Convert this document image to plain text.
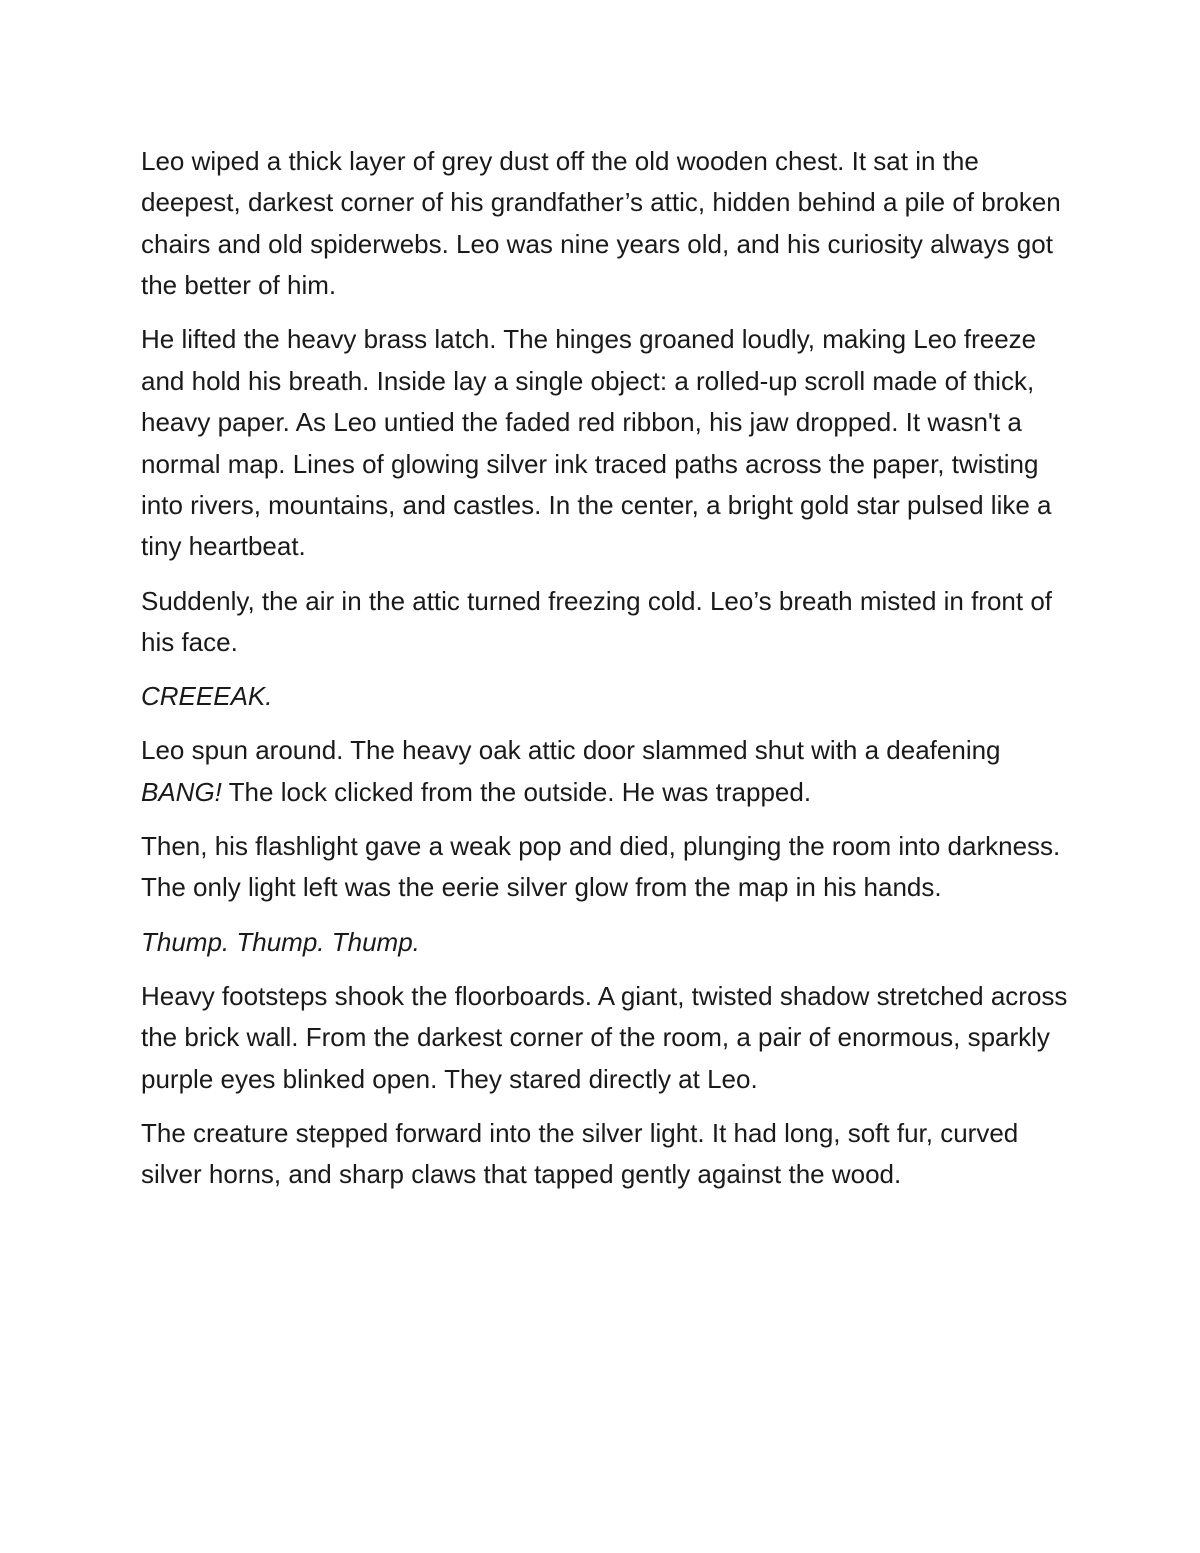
Leo wiped a thick layer of grey dust off the old wooden chest. It sat in the deepest, darkest corner of his grandfather’s attic, hidden behind a pile of broken chairs and old spiderwebs. Leo was nine years old, and his curiosity always got the better of him.

He lifted the heavy brass latch. The hinges groaned loudly, making Leo freeze and hold his breath. Inside lay a single object: a rolled-up scroll made of thick, heavy paper. As Leo untied the faded red ribbon, his jaw dropped. It wasn't a normal map. Lines of glowing silver ink traced paths across the paper, twisting into rivers, mountains, and castles. In the center, a bright gold star pulsed like a tiny heartbeat.

Suddenly, the air in the attic turned freezing cold. Leo’s breath misted in front of his face.

CREEEAK.

Leo spun around. The heavy oak attic door slammed shut with a deafening BANG! The lock clicked from the outside. He was trapped.

Then, his flashlight gave a weak pop and died, plunging the room into darkness. The only light left was the eerie silver glow from the map in his hands.

Thump. Thump. Thump.

Heavy footsteps shook the floorboards. A giant, twisted shadow stretched across the brick wall. From the darkest corner of the room, a pair of enormous, sparkly purple eyes blinked open. They stared directly at Leo.

The creature stepped forward into the silver light. It had long, soft fur, curved silver horns, and sharp claws that tapped gently against the wood.
